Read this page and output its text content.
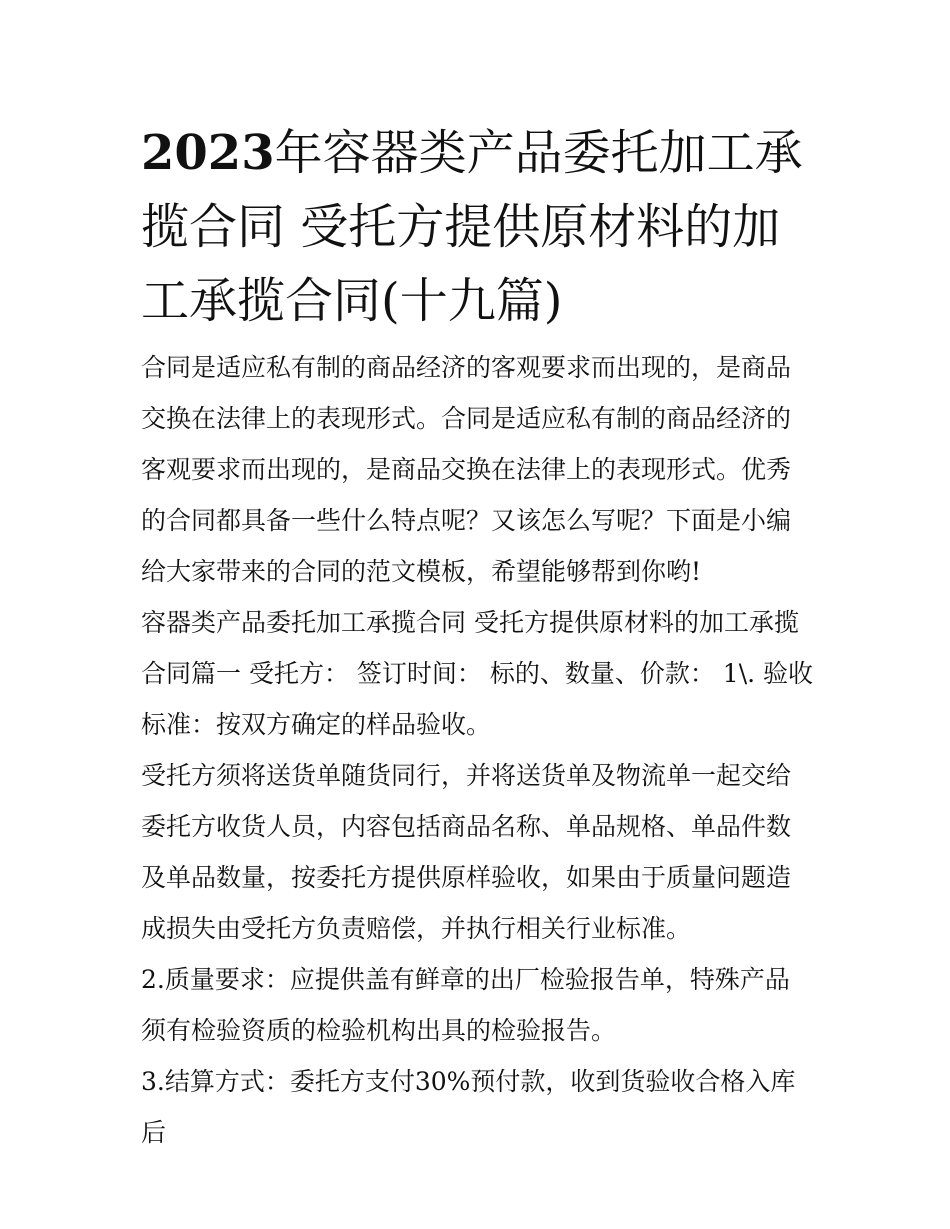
2023年容器类产品委托加工承揽合同 受托方提供原材料的加工承揽合同(十九篇)

合同是适应私有制的商品经济的客观要求而出现的，是商品交换在法律上的表现形式。合同是适应私有制的商品经济的客观要求而出现的，是商品交换在法律上的表现形式。优秀的合同都具备一些什么特点呢？又该怎么写呢？下面是小编给大家带来的合同的范文模板，希望能够帮到你哟!

容器类产品委托加工承揽合同 受托方提供原材料的加工承揽合同篇一 受托方： 签订时间： 标的、数量、价款： 1\. 验收标准：按双方确定的样品验收。

受托方须将送货单随货同行，并将送货单及物流单一起交给委托方收货人员，内容包括商品名称、单品规格、单品件数及单品数量，按委托方提供原样验收，如果由于质量问题造成损失由受托方负责赔偿，并执行相关行业标准。

2.质量要求：应提供盖有鲜章的出厂检验报告单，特殊产品须有检验资质的检验机构出具的检验报告。

3.结算方式：委托方支付30%预付款，收到货验收合格入库后
